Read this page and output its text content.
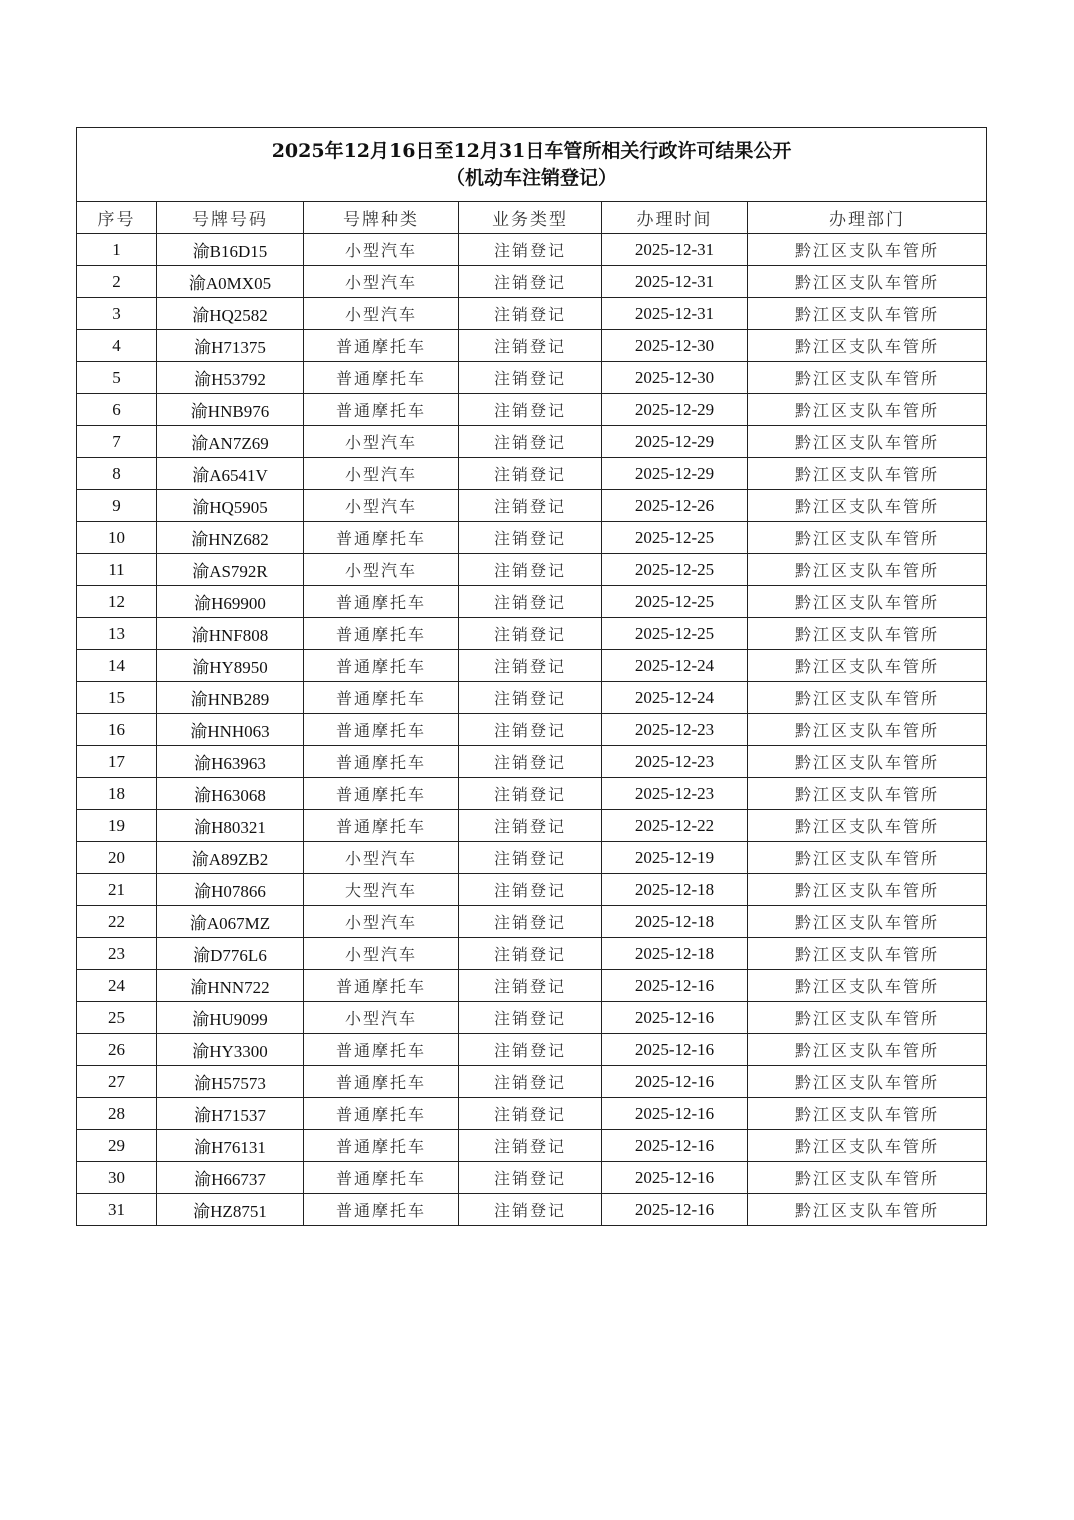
2025年12月16日至12月31日车管所相关行政许可结果公开
（机动车注销登记）					

序号	号牌号码	号牌种类	业务类型	办理时间	办理部门
1	渝B16D15	小型汽车	注销登记	2025-12-31	黔江区支队车管所
2	渝A0MX05	小型汽车	注销登记	2025-12-31	黔江区支队车管所
3	渝HQ2582	小型汽车	注销登记	2025-12-31	黔江区支队车管所
4	渝H71375	普通摩托车	注销登记	2025-12-30	黔江区支队车管所
5	渝H53792	普通摩托车	注销登记	2025-12-30	黔江区支队车管所
6	渝HNB976	普通摩托车	注销登记	2025-12-29	黔江区支队车管所
7	渝AN7Z69	小型汽车	注销登记	2025-12-29	黔江区支队车管所
8	渝A6541V	小型汽车	注销登记	2025-12-29	黔江区支队车管所
9	渝HQ5905	小型汽车	注销登记	2025-12-26	黔江区支队车管所
10	渝HNZ682	普通摩托车	注销登记	2025-12-25	黔江区支队车管所
11	渝AS792R	小型汽车	注销登记	2025-12-25	黔江区支队车管所
12	渝H69900	普通摩托车	注销登记	2025-12-25	黔江区支队车管所
13	渝HNF808	普通摩托车	注销登记	2025-12-25	黔江区支队车管所
14	渝HY8950	普通摩托车	注销登记	2025-12-24	黔江区支队车管所
15	渝HNB289	普通摩托车	注销登记	2025-12-24	黔江区支队车管所
16	渝HNH063	普通摩托车	注销登记	2025-12-23	黔江区支队车管所
17	渝H63963	普通摩托车	注销登记	2025-12-23	黔江区支队车管所
18	渝H63068	普通摩托车	注销登记	2025-12-23	黔江区支队车管所
19	渝H80321	普通摩托车	注销登记	2025-12-22	黔江区支队车管所
20	渝A89ZB2	小型汽车	注销登记	2025-12-19	黔江区支队车管所
21	渝H07866	大型汽车	注销登记	2025-12-18	黔江区支队车管所
22	渝A067MZ	小型汽车	注销登记	2025-12-18	黔江区支队车管所
23	渝D776L6	小型汽车	注销登记	2025-12-18	黔江区支队车管所
24	渝HNN722	普通摩托车	注销登记	2025-12-16	黔江区支队车管所
25	渝HU9099	小型汽车	注销登记	2025-12-16	黔江区支队车管所
26	渝HY3300	普通摩托车	注销登记	2025-12-16	黔江区支队车管所
27	渝H57573	普通摩托车	注销登记	2025-12-16	黔江区支队车管所
28	渝H71537	普通摩托车	注销登记	2025-12-16	黔江区支队车管所
29	渝H76131	普通摩托车	注销登记	2025-12-16	黔江区支队车管所
30	渝H66737	普通摩托车	注销登记	2025-12-16	黔江区支队车管所
31	渝HZ8751	普通摩托车	注销登记	2025-12-16	黔江区支队车管所
